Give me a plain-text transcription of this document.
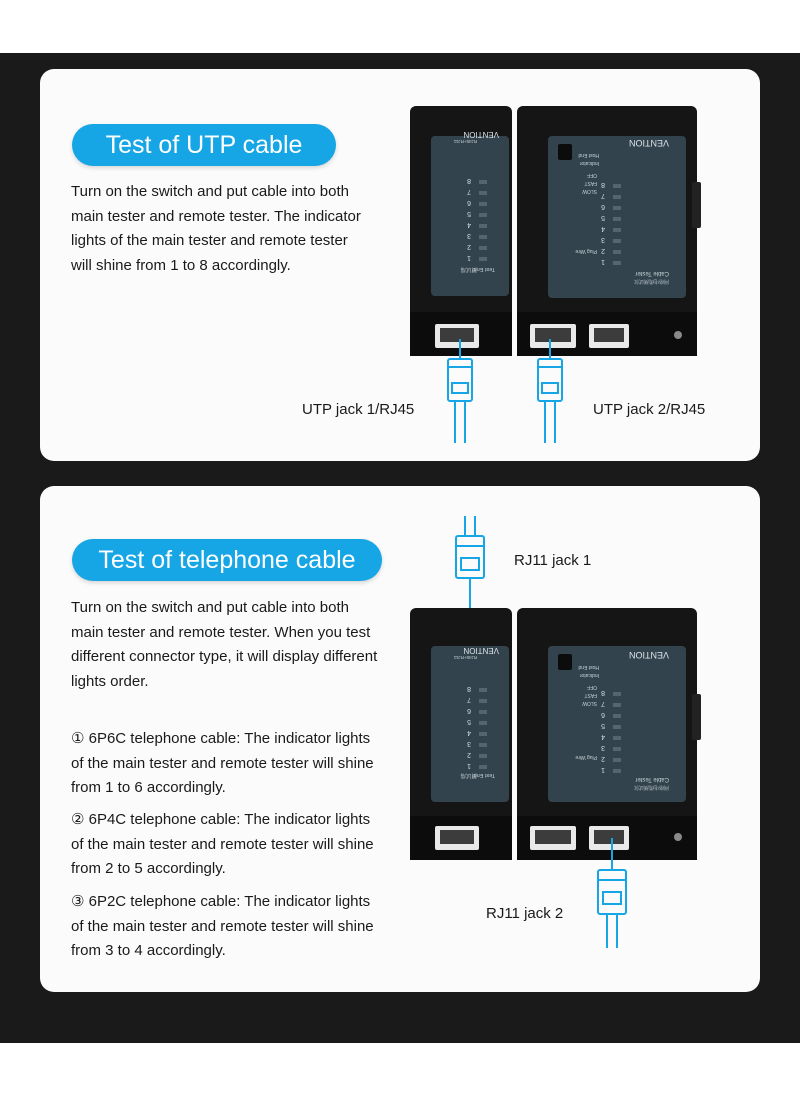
Test of UTP cable

Turn on the switch and put cable into both main tester and remote tester. The indicator lights of the main tester and remote tester will shine from 1 to 8 accordingly.

VENTION
Test End
测试端
RJ45+RJ11
8
7
6
5
4
3
2
1
VENTION
Cable Tester
网络电缆测试仪
Host End
Indicator
FAST
SLOW
OFF
Plug Wire
8
7
6
5
4
3
2
1
UTP jack 1/RJ45	UTP jack 2/RJ45
Test of telephone cable

Turn on the switch and put cable into both main tester and remote tester. When you test different connector type, it will display different lights order.

① 6P6C telephone cable: The indicator lights of the main tester and remote tester will shine from 1 to 6 accordingly.

② 6P4C telephone cable: The indicator lights of the main tester and remote tester will shine from 2 to 5 accordingly.

③ 6P2C telephone cable: The indicator lights of the main tester and remote tester will shine from 3 to 4 accordingly.

RJ11 jack 1
VENTION
Test End
测试端
RJ45+RJ11
8
7
6
5
4
3
2
1
VENTION
Cable Tester
网络电缆测试仪
Host End
Indicator
FAST
SLOW
OFF
Plug Wire
8
7
6
5
4
3
2
1
RJ11 jack 2
